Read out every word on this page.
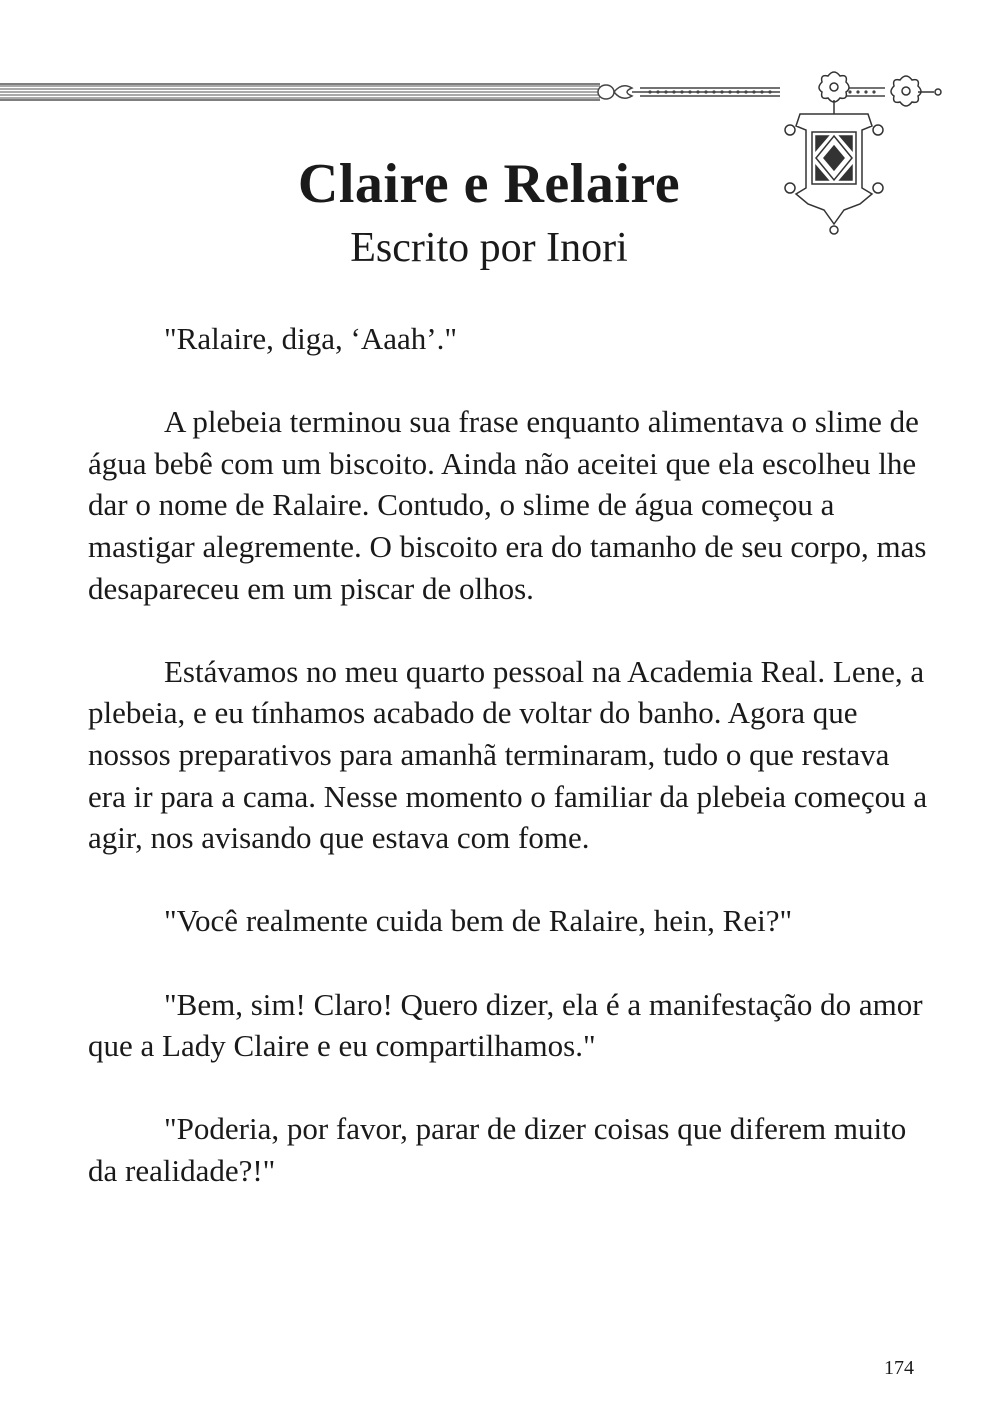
Claire e Relaire
Escrito por Inori

"Ralaire, diga, ‘Aaah’."

A plebeia terminou sua frase enquanto alimentava o slime de água bebê com um biscoito. Ainda não aceitei que ela escolheu lhe dar o nome de Ralaire. Contudo, o slime de água começou a mastigar alegremente. O biscoito era do tamanho de seu corpo, mas desapareceu em um piscar de olhos.

Estávamos no meu quarto pessoal na Academia Real. Lene, a plebeia, e eu tínhamos acabado de voltar do banho. Agora que nossos preparativos para amanhã terminaram, tudo o que restava era ir para a cama. Nesse momento o familiar da plebeia começou a agir, nos avisando que estava com fome.

"Você realmente cuida bem de Ralaire, hein, Rei?"

"Bem, sim! Claro! Quero dizer, ela é a manifestação do amor que a Lady Claire e eu compartilhamos."

"Poderia, por favor, parar de dizer coisas que diferem muito da realidade?!"

174
